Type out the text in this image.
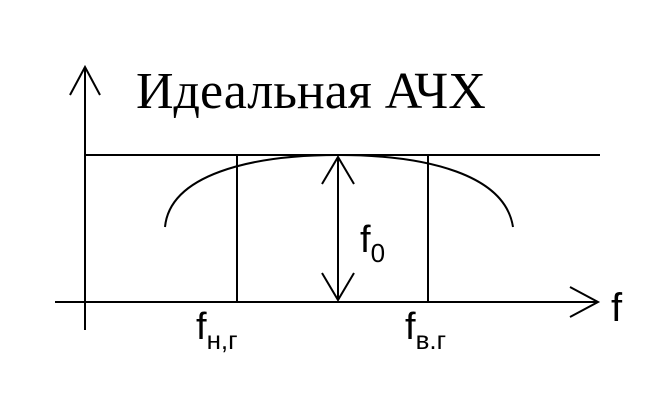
Идеальная АЧХ
f
$f_0$
$f_{н,г}$	$f_{в.г}$
